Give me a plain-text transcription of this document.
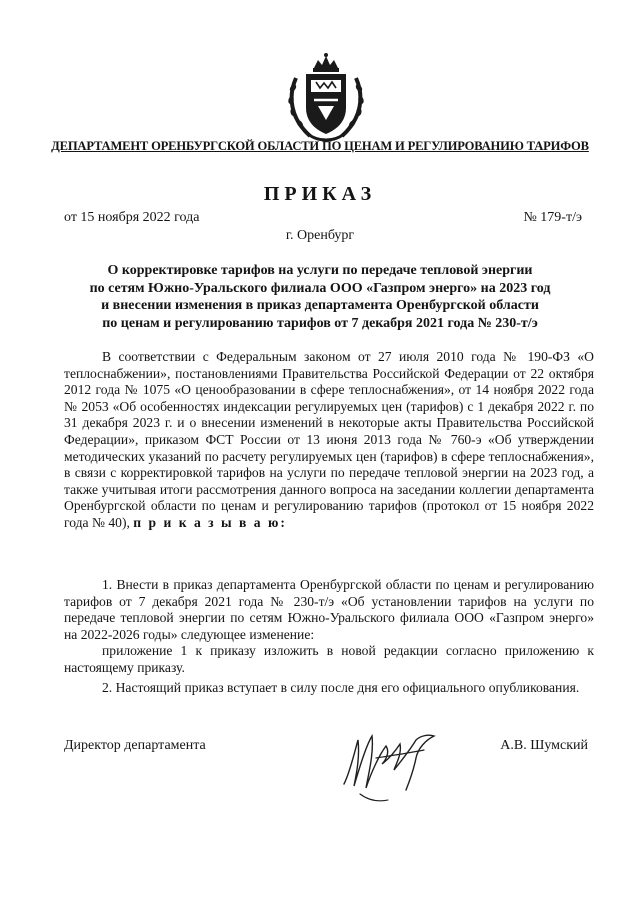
ДЕПАРТАМЕНТ ОРЕНБУРГСКОЙ ОБЛАСТИ ПО ЦЕНАМ И РЕГУЛИРОВАНИЮ ТАРИФОВ
ПРИКАЗ
от 15 ноября 2022 года	№ 179-т/э
г. Оренбург
О корректировке тарифов на услуги по передаче тепловой энергии
по сетям Южно-Уральского филиала ООО «Газпром энерго» на 2023 год
и внесении изменения в приказ департамента Оренбургской области
по ценам и регулированию тарифов от 7 декабря 2021 года № 230-т/э

В соответствии с Федеральным законом от 27 июля 2010 года № 190-ФЗ «О теплоснабжении», постановлениями Правительства Российской Федерации от 22 октября 2012 года № 1075 «О ценообразовании в сфере теплоснабжения», от 14 ноября 2022 года № 2053 «Об особенностях индексации регулируемых цен (тарифов) с 1 декабря 2022 г. по 31 декабря 2023 г. и о внесении изменений в некоторые акты Правительства Российской Федерации», приказом ФСТ России от 13 июня 2013 года № 760-э «Об утверждении методических указаний по расчету регулируемых цен (тарифов) в сфере теплоснабжения», в связи с корректировкой тарифов на услуги по передаче тепловой энергии на 2023 год, а также учитывая итоги рассмотрения данного вопроса на заседании коллегии департамента Оренбургской области по ценам и регулированию тарифов (протокол от 15 ноября 2022 года № 40), п р и к а з ы в а ю:

1. Внести в приказ департамента Оренбургской области по ценам и регулированию тарифов от 7 декабря 2021 года № 230-т/э «Об установлении тарифов на услуги по передаче тепловой энергии по сетям Южно-Уральского филиала ООО «Газпром энерго» на 2022-2026 годы» следующее изменение:

приложение 1 к приказу изложить в новой редакции согласно приложению к настоящему приказу.

2. Настоящий приказ вступает в силу после дня его официального опубликования.

Директор департамента	А.В. Шумский
